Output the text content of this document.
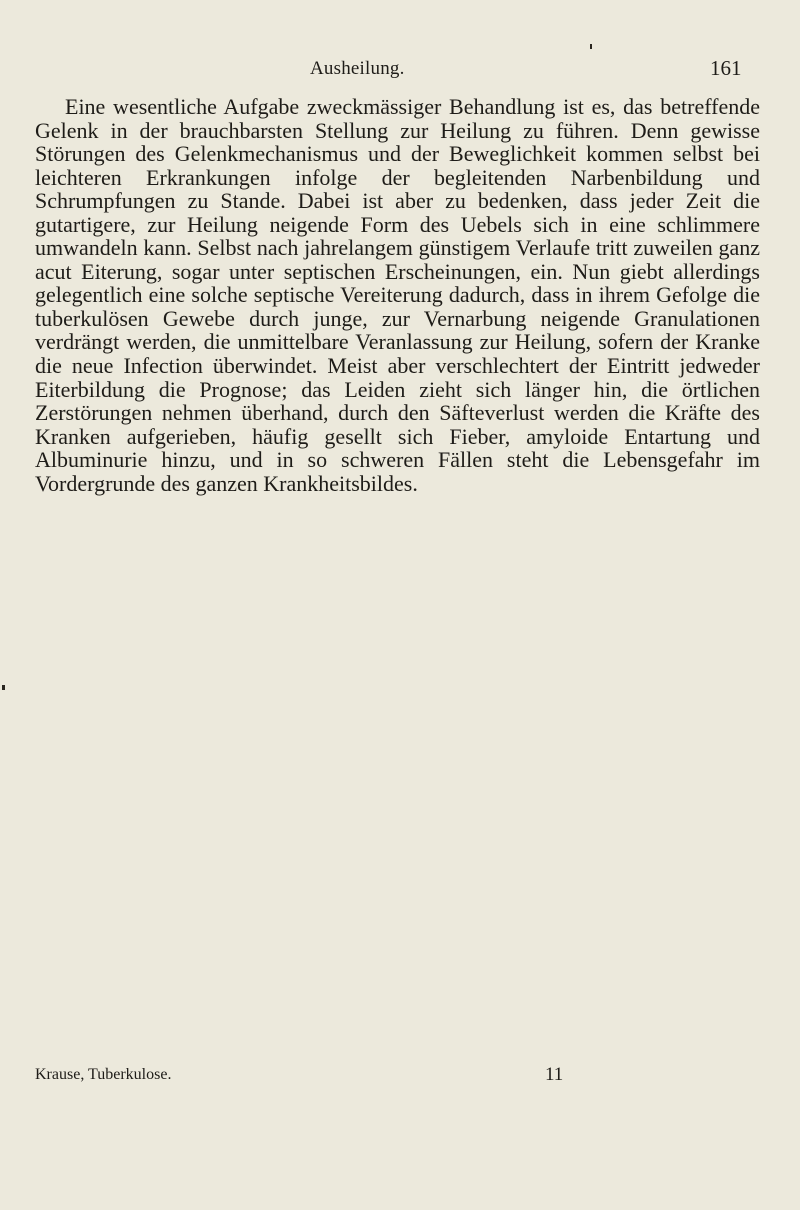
Ausheilung.	161

Eine wesentliche Aufgabe zweckmässiger Behandlung ist es, das betreffende Gelenk in der brauchbarsten Stellung zur Heilung zu führen. Denn gewisse Störungen des Gelenkmechanismus und der Beweglichkeit kommen selbst bei leichteren Erkrankungen infolge der begleitenden Narbenbildung und Schrumpfungen zu Stande. Dabei ist aber zu bedenken, dass jeder Zeit die gutartigere, zur Heilung neigende Form des Uebels sich in eine schlimmere umwandeln kann. Selbst nach jahrelangem günstigem Verlaufe tritt zuweilen ganz acut Eiterung, sogar unter septischen Erscheinungen, ein. Nun giebt allerdings gelegentlich eine solche septische Vereiterung dadurch, dass in ihrem Gefolge die tuberkulösen Gewebe durch junge, zur Vernarbung neigende Granulationen verdrängt werden, die unmittelbare Veranlassung zur Heilung, sofern der Kranke die neue Infection überwindet. Meist aber verschlechtert der Eintritt jedweder Eiterbildung die Prognose; das Leiden zieht sich länger hin, die örtlichen Zerstörungen nehmen überhand, durch den Säfteverlust werden die Kräfte des Kranken aufgerieben, häufig gesellt sich Fieber, amyloide Entartung und Albuminurie hinzu, und in so schweren Fällen steht die Lebensgefahr im Vordergrunde des ganzen Krankheitsbildes.

Krause, Tuberkulose.	11
